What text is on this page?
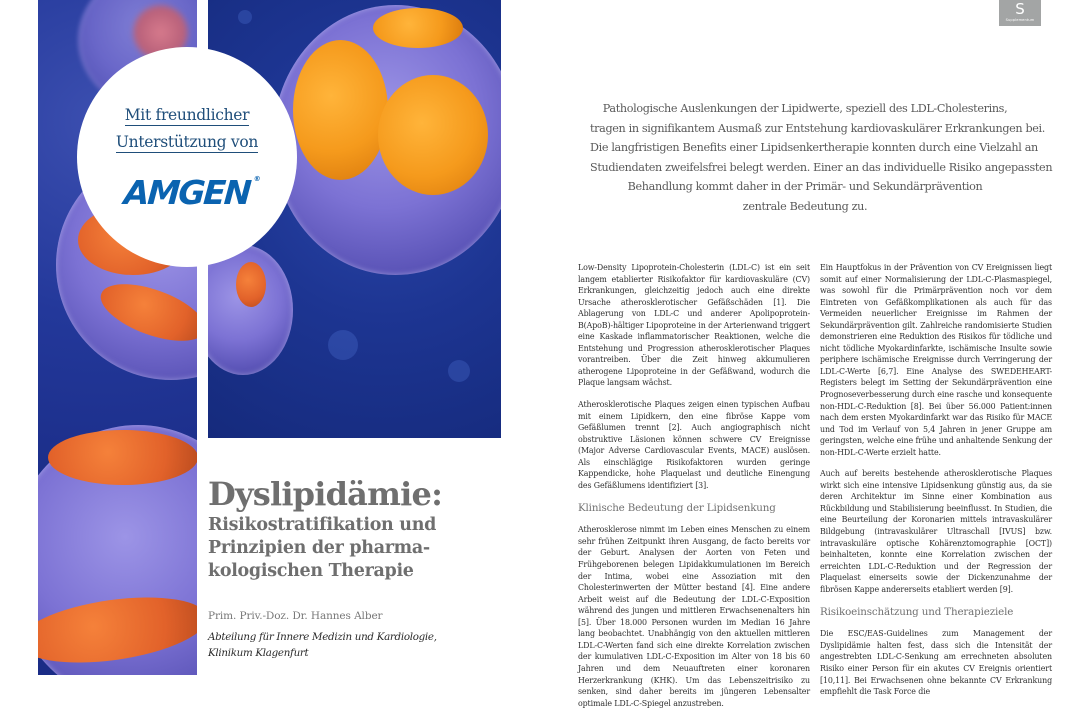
Mit freundlicher
Unterstützung von
AMGEN ®
S
Supplementum
Dyslipidämie:
Risikostratifikation und
Prinzipien der pharma-
kologischen Therapie
Prim. Priv.-Doz. Dr. Hannes Alber
Abteilung für Innere Medizin und Kardiologie,
Klinikum Klagenfurt
Pathologische Auslenkungen der Lipidwerte, speziell des LDL-Cholesterins,
tragen in signifikantem Ausmaß zur Entstehung kardiovaskulärer Erkrankungen bei.
Die langfristigen Benefits einer Lipidsenkertherapie konnten durch eine Vielzahl an
Studiendaten zweifelsfrei belegt werden. Einer an das individuelle Risiko angepassten
Behandlung kommt daher in der Primär- und Sekundärprävention
zentrale Bedeutung zu.

Low-Density Lipoprotein-Cholesterin (LDL-C) ist ein seit langem etablierter Risikofaktor für kardiovaskuläre (CV) Erkrankungen, gleichzeitig jedoch auch eine direkte Ursache atherosklerotischer Gefäßschäden [1]. Die Ablagerung von LDL-C und anderer Apolipoprotein-B(ApoB)-hältiger Lipoproteine in der Arterienwand triggert eine Kaskade inflammatorischer Reaktionen, welche die Entstehung und Progression atherosklerotischer Plaques vorantreiben. Über die Zeit hinweg akkumulieren atherogene Lipoproteine in der Gefäßwand, wodurch die Plaque langsam wächst.

Atherosklerotische Plaques zeigen einen typischen Aufbau mit einem Lipidkern, den eine fibröse Kappe vom Gefäßlumen trennt [2]. Auch angiographisch nicht obstruktive Läsionen können schwere CV Ereignisse (Major Adverse Cardiovascular Events, MACE) auslösen. Als einschlägige Risikofaktoren wurden geringe Kappendicke, hohe Plaquelast und deutliche Einengung des Gefäßlumens identifiziert [3].

Klinische Bedeutung der Lipidsenkung

Atherosklerose nimmt im Leben eines Menschen zu einem sehr frühen Zeitpunkt ihren Ausgang, de facto bereits vor der Geburt. Analysen der Aorten von Feten und Frühgeborenen belegen Lipidakkumulationen im Bereich der Intima, wobei eine Assoziation mit den Cholesterinwerten der Mütter bestand [4]. Eine andere Arbeit weist auf die Bedeutung der LDL-C-Exposition während des jungen und mittleren Erwachsenenalters hin [5]. Über 18.000 Personen wurden im Median 16 Jahre lang beobachtet. Unabhängig von den aktuellen mittleren LDL-C-Werten fand sich eine direkte Korrelation zwischen der kumulativen LDL-C-Exposition im Alter von 18 bis 60 Jahren und dem Neuauftreten einer koronaren Herzerkrankung (KHK). Um das Lebenszeitrisiko zu senken, sind daher bereits im jüngeren Lebensalter optimale LDL-C-Spiegel anzustreben.

Ein Hauptfokus in der Prävention von CV Ereignissen liegt somit auf einer Normalisierung der LDL-C-Plasmaspiegel, was sowohl für die Primärprävention noch vor dem Eintreten von Gefäßkomplikationen als auch für das Vermeiden neuerlicher Ereignisse im Rahmen der Sekundärprävention gilt. Zahlreiche randomisierte Studien demonstrieren eine Reduktion des Risikos für tödliche und nicht tödliche Myokardinfarkte, ischämische Insulte sowie periphere ischämische Ereignisse durch Verringerung der LDL-C-Werte [6,7]. Eine Analyse des SWEDEHEART-Registers belegt im Setting der Sekundärprävention eine Prognoseverbesserung durch eine rasche und konsequente non-HDL-C-Reduktion [8]. Bei über 56.000 Patient:innen nach dem ersten Myokardinfarkt war das Risiko für MACE und Tod im Verlauf von 5,4 Jahren in jener Gruppe am geringsten, welche eine frühe und anhaltende Senkung der non-HDL-C-Werte erzielt hatte.

Auch auf bereits bestehende atherosklerotische Plaques wirkt sich eine intensive Lipidsenkung günstig aus, da sie deren Architektur im Sinne einer Kombination aus Rückbildung und Stabilisierung beeinflusst. In Studien, die eine Beurteilung der Koronarien mittels intravaskulärer Bildgebung (intravaskulärer Ultraschall [IVUS] bzw. intravaskuläre optische Kohärenztomographie [OCT]) beinhalteten, konnte eine Korrelation zwischen der erreichten LDL-C-Reduktion und der Regression der Plaquelast einerseits sowie der Dickenzunahme der fibrösen Kappe andererseits etabliert werden [9].

Risikoeinschätzung und Therapieziele

Die ESC/EAS-Guidelines zum Management der Dyslipidämie halten fest, dass sich die Intensität der angestrebten LDL-C-Senkung am errechneten absoluten Risiko einer Person für ein akutes CV Ereignis orientiert [10,11]. Bei Erwachsenen ohne bekannte CV Erkrankung empfiehlt die Task Force die
